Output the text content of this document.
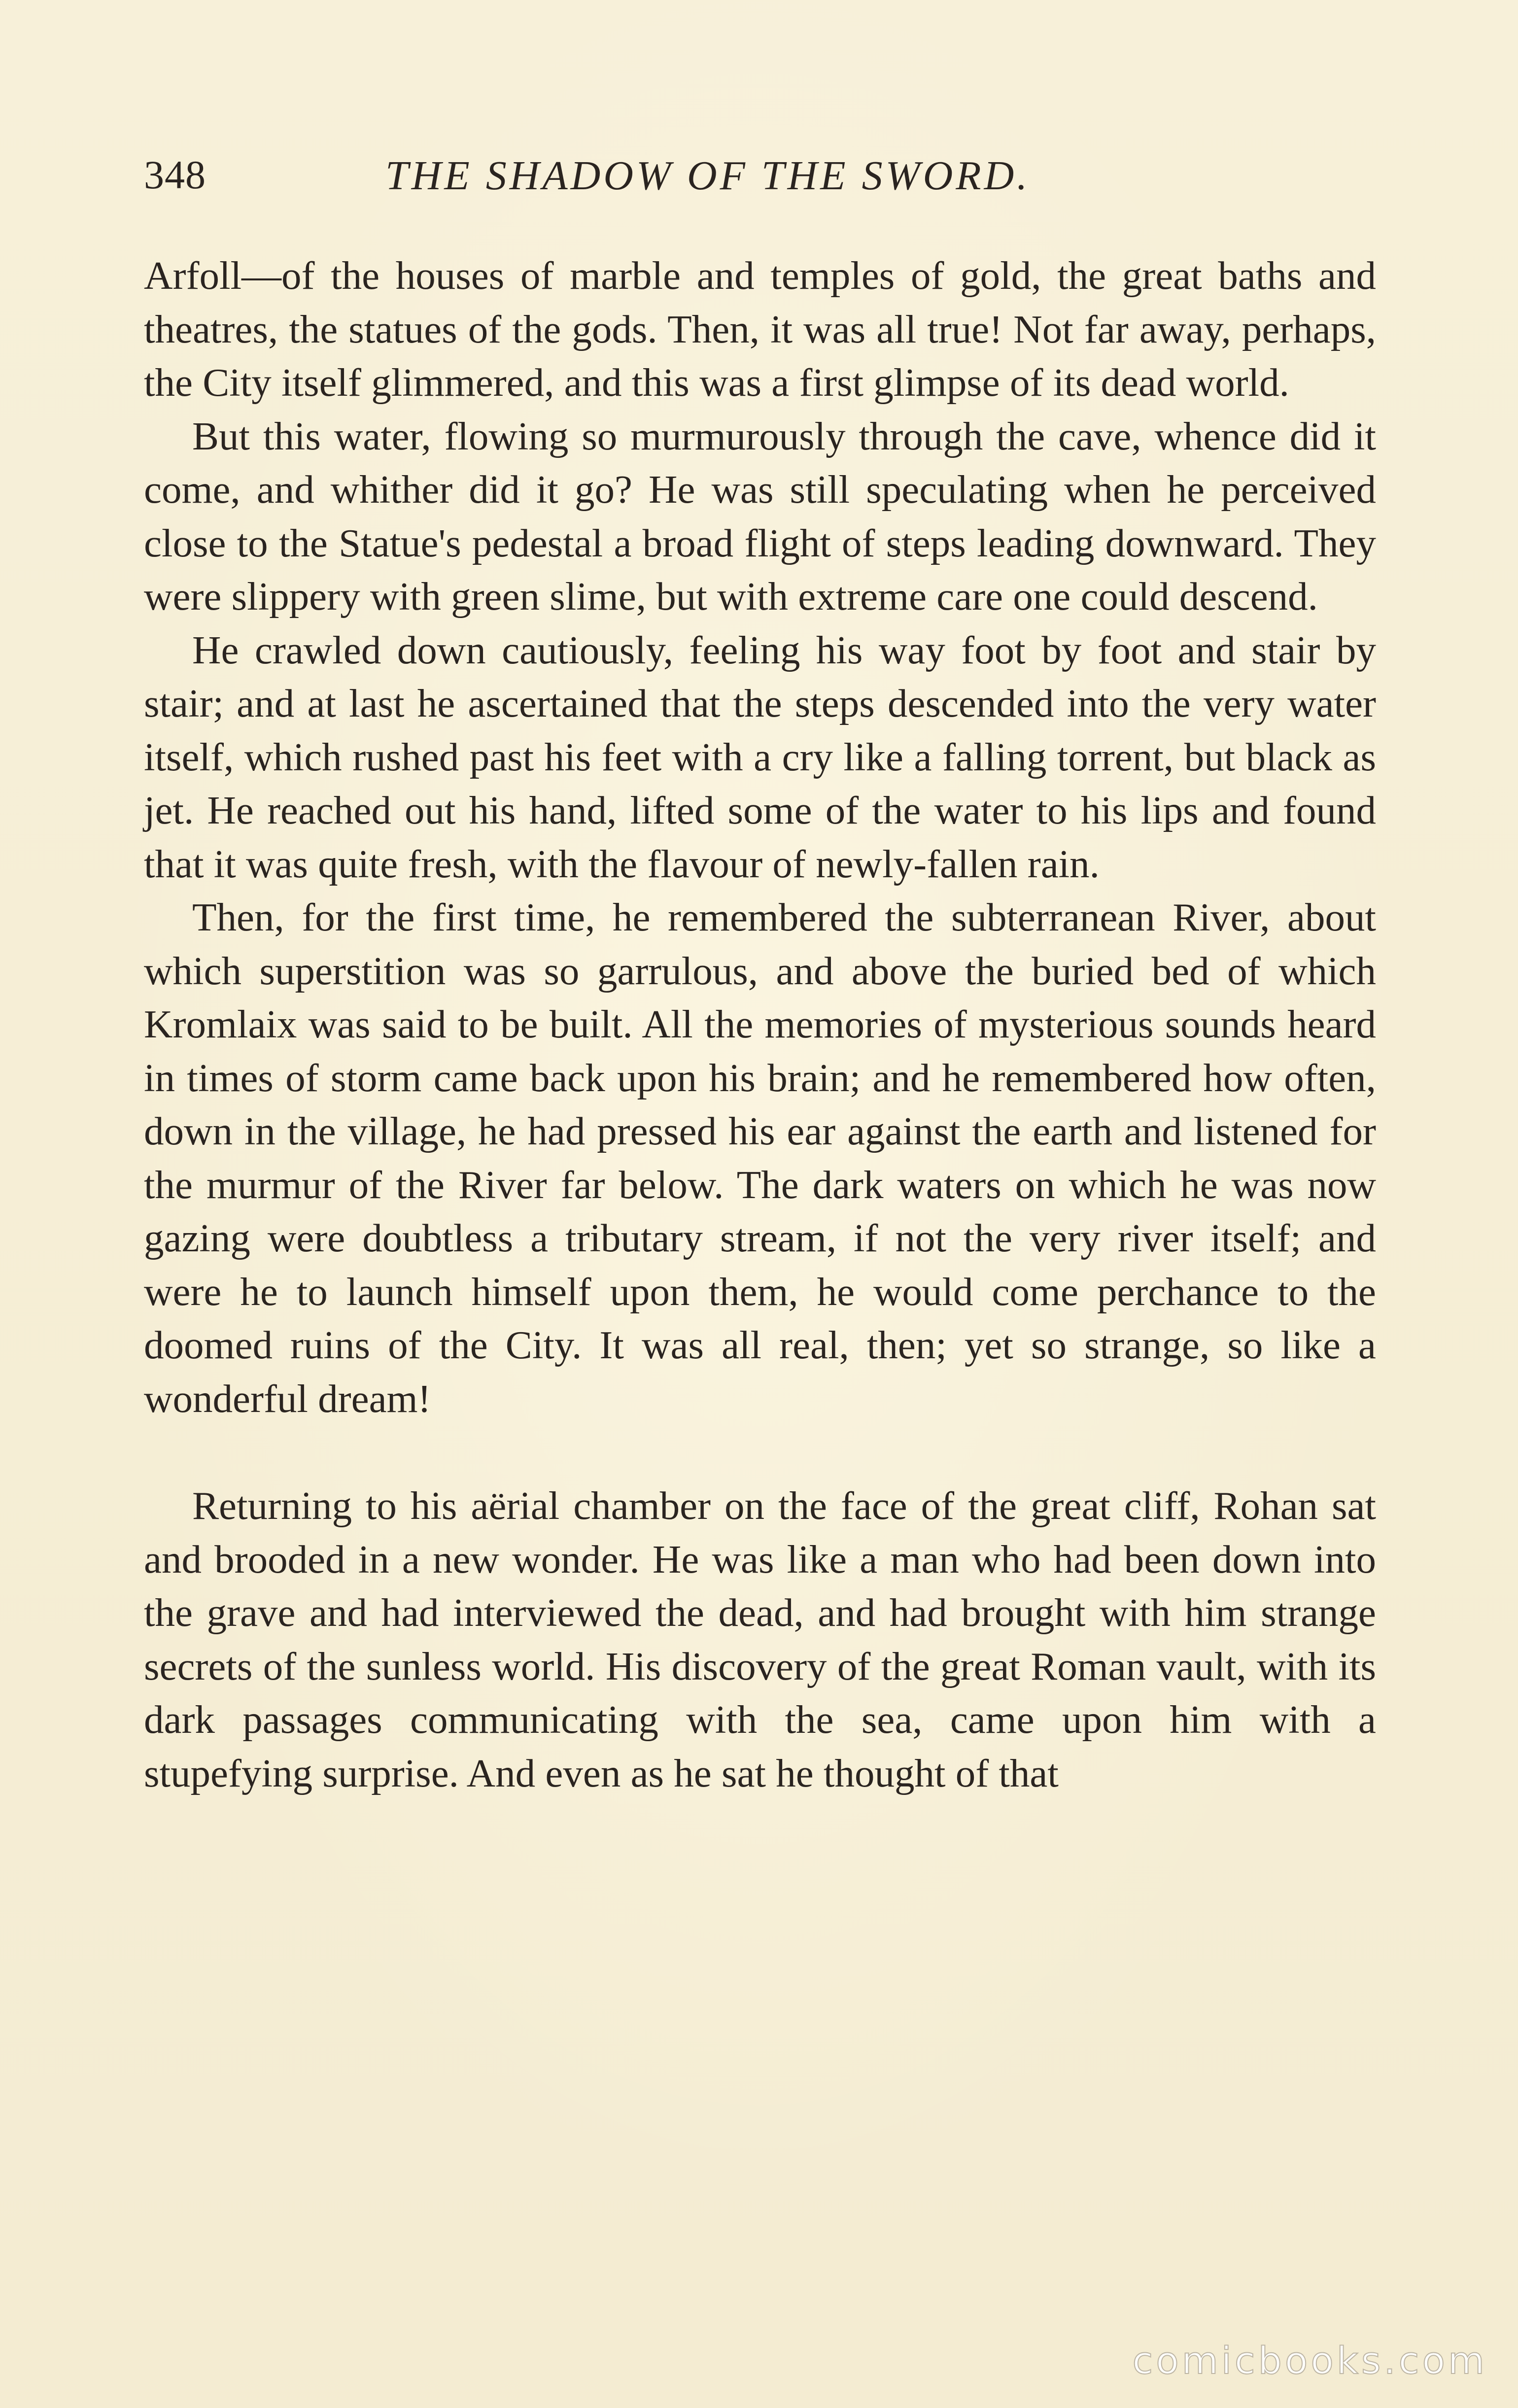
348	THE SHADOW OF THE SWORD.

Arfoll—of the houses of marble and temples of gold, the great baths and theatres, the statues of the gods. Then, it was all true! Not far away, perhaps, the City itself glimmered, and this was a first glimpse of its dead world.

But this water, flowing so murmurously through the cave, whence did it come, and whither did it go? He was still speculating when he perceived close to the Statue's pedestal a broad flight of steps leading downward. They were slippery with green slime, but with extreme care one could descend.

He crawled down cautiously, feeling his way foot by foot and stair by stair; and at last he ascertained that the steps descended into the very water itself, which rushed past his feet with a cry like a falling torrent, but black as jet. He reached out his hand, lifted some of the water to his lips and found that it was quite fresh, with the flavour of newly-fallen rain.

Then, for the first time, he remembered the subterranean River, about which superstition was so garrulous, and above the buried bed of which Kromlaix was said to be built. All the memories of mysterious sounds heard in times of storm came back upon his brain; and he remembered how often, down in the village, he had pressed his ear against the earth and listened for the murmur of the River far below. The dark waters on which he was now gazing were doubtless a tributary stream, if not the very river itself; and were he to launch himself upon them, he would come perchance to the doomed ruins of the City. It was all real, then; yet so strange, so like a wonderful dream!

Returning to his aërial chamber on the face of the great cliff, Rohan sat and brooded in a new wonder. He was like a man who had been down into the grave and had interviewed the dead, and had brought with him strange secrets of the sunless world. His discovery of the great Roman vault, with its dark passages communicating with the sea, came upon him with a stupefying surprise. And even as he sat he thought of that

comicbooks.com
